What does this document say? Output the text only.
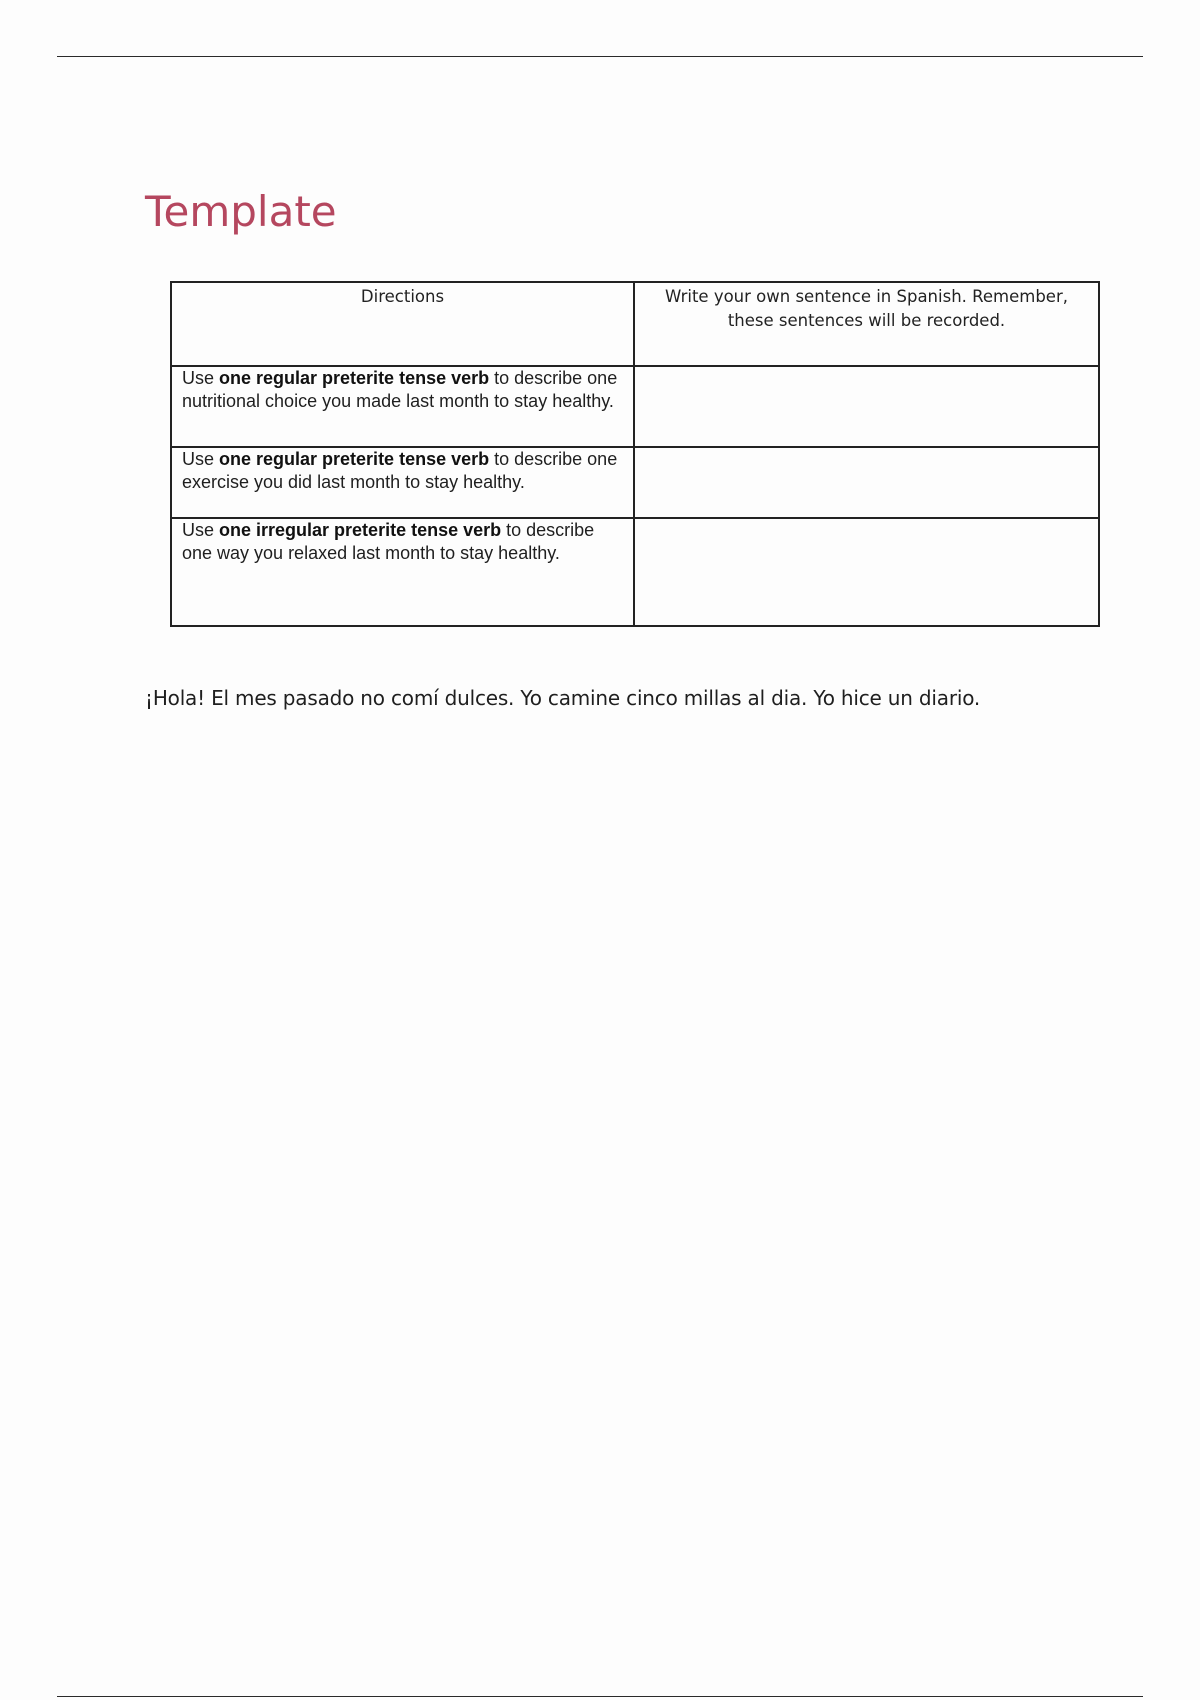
Template
Directions	Write your own sentence in Spanish. Remember, these sentences will be recorded.

Use one regular preterite tense verb to describe one nutritional choice you made last month to stay healthy.	
Use one regular preterite tense verb to describe one exercise you did last month to stay healthy.	
Use one irregular preterite tense verb to describe one way you relaxed last month to stay healthy.	

¡Hola! El mes pasado no comí dulces. Yo camine cinco millas al dia. Yo hice un diario.
